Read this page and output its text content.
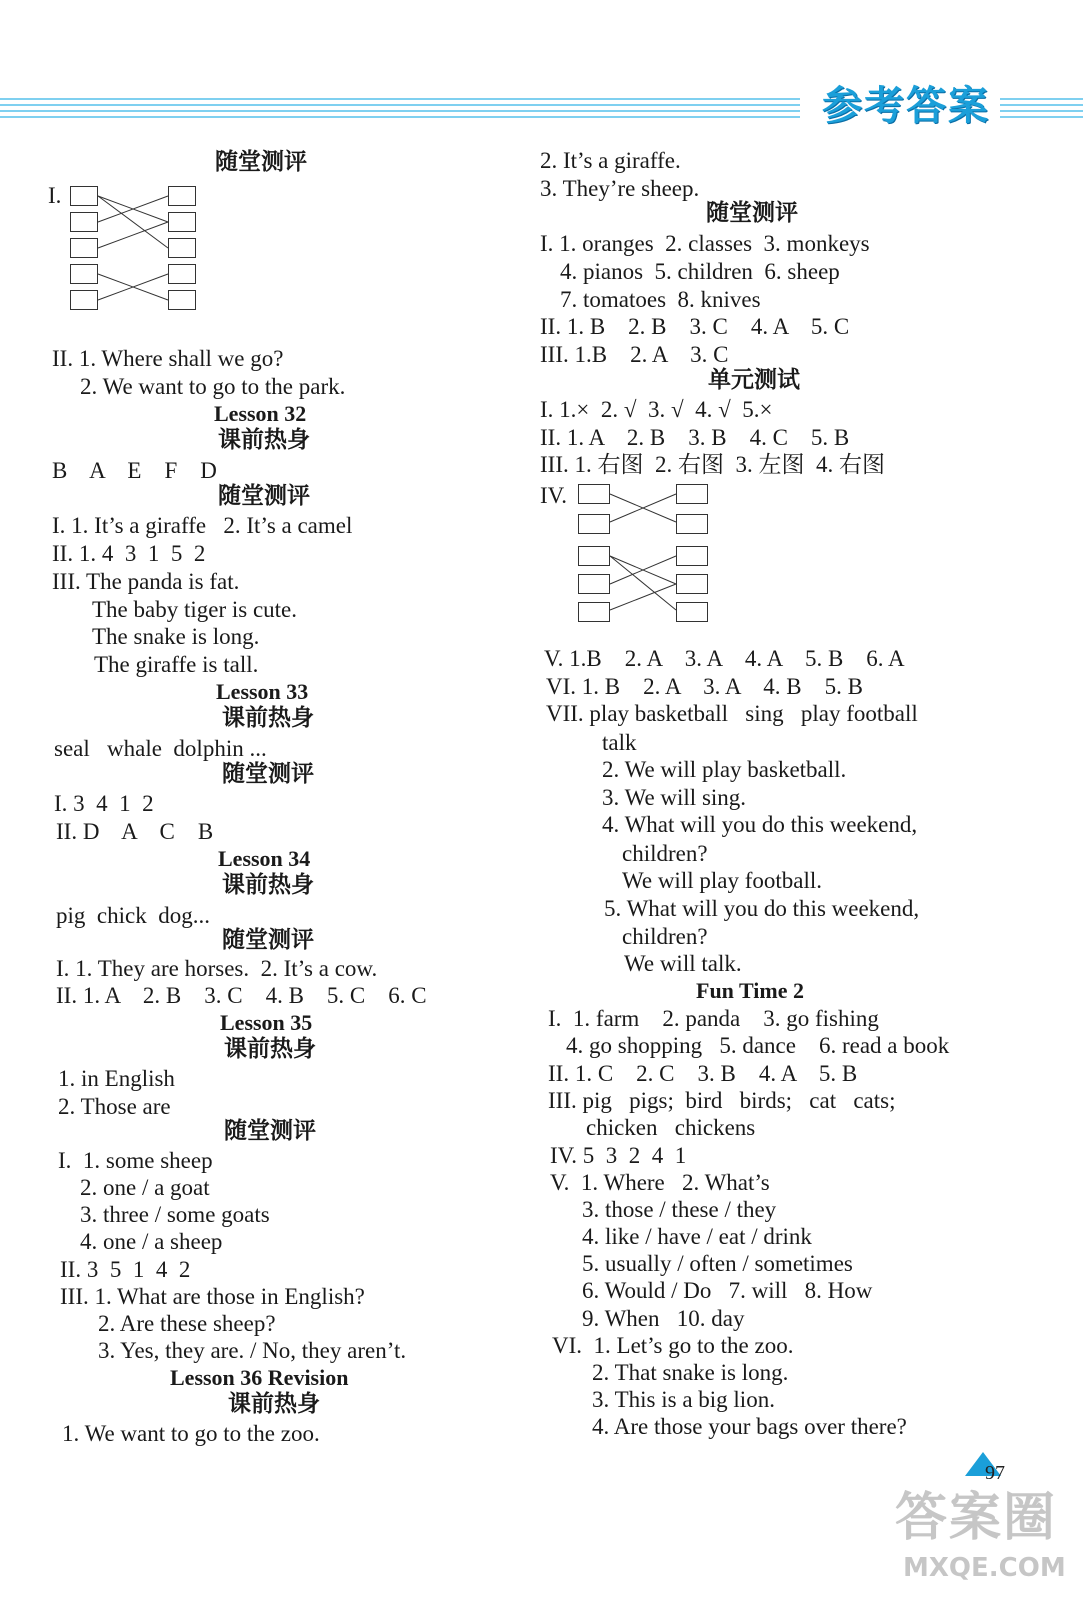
参考答案
随堂测评
I.
II. 1. Where shall we go?
2. We want to go to the park.
Lesson 32
课前热身
B    A    E    F    D
随堂测评
I. 1. It’s a giraffe   2. It’s a camel
II. 1. 4  3  1  5  2
III. The panda is fat.
The baby tiger is cute.
The snake is long.
The giraffe is tall.
Lesson 33
课前热身
seal   whale  dolphin ...
随堂测评
I. 3  4  1  2
II. D    A    C    B
Lesson 34
课前热身
pig  chick  dog...
随堂测评
I. 1. They are horses.  2. It’s a cow.
II. 1. A    2. B    3. C    4. B    5. C    6. C
Lesson 35
课前热身
1. in English
2. Those are
随堂测评
I.  1. some sheep
2. one / a goat
3. three / some goats
4. one / a sheep
II. 3  5  1  4  2
III. 1. What are those in English?
2. Are these sheep?
3. Yes, they are. / No, they aren’t.
Lesson 36 Revision
课前热身
1. We want to go to the zoo.
2. It’s a giraffe.
3. They’re sheep.
随堂测评
I. 1. oranges  2. classes  3. monkeys
4. pianos  5. children  6. sheep
7. tomatoes  8. knives
II. 1. B    2. B    3. C    4. A    5. C
III. 1.B    2. A    3. C
单元测试
I. 1.×  2. √  3. √  4. √  5.×
II. 1. A    2. B    3. B    4. C    5. B
III. 1. 右图  2. 右图  3. 左图  4. 右图
IV.
V. 1.B    2. A    3. A    4. A    5. B    6. A
VI. 1. B    2. A    3. A    4. B    5. B
VII. play basketball   sing   play football
talk
2. We will play basketball.
3. We will sing.
4. What will you do this weekend,
children?
We will play football.
5. What will you do this weekend,
children?
We will talk.
Fun Time 2
I.  1. farm    2. panda    3. go fishing
4. go shopping   5. dance    6. read a book
II. 1. C    2. C    3. B    4. A    5. B
III. pig   pigs;  bird   birds;   cat   cats;
chicken   chickens
IV. 5  3  2  4  1
V.  1. Where   2. What’s
3. those / these / they
4. like / have / eat / drink
5. usually / often / sometimes
6. Would / Do   7. will   8. How
9. When   10. day
VI.  1. Let’s go to the zoo.
2. That snake is long.
3. This is a big lion.
4. Are those your bags over there?
97
答案圈
MXQE.COM
